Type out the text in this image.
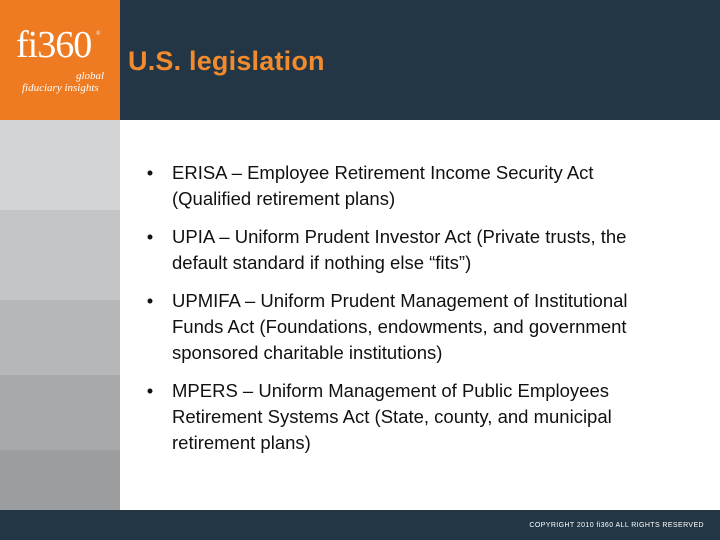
fi360 ®
global
fiduciary insights
U.S. legislation
•	ERISA – Employee Retirement Income Security Act (Qualified retirement plans)
•	UPIA – Uniform Prudent Investor Act (Private trusts, the default standard if nothing else “fits”)
•	UPMIFA – Uniform Prudent Management of Institutional Funds Act (Foundations, endowments, and government sponsored charitable institutions)
•	MPERS – Uniform Management of Public Employees Retirement Systems Act (State, county, and municipal retirement plans)
COPYRIGHT 2010 fi360 ALL RIGHTS RESERVED
